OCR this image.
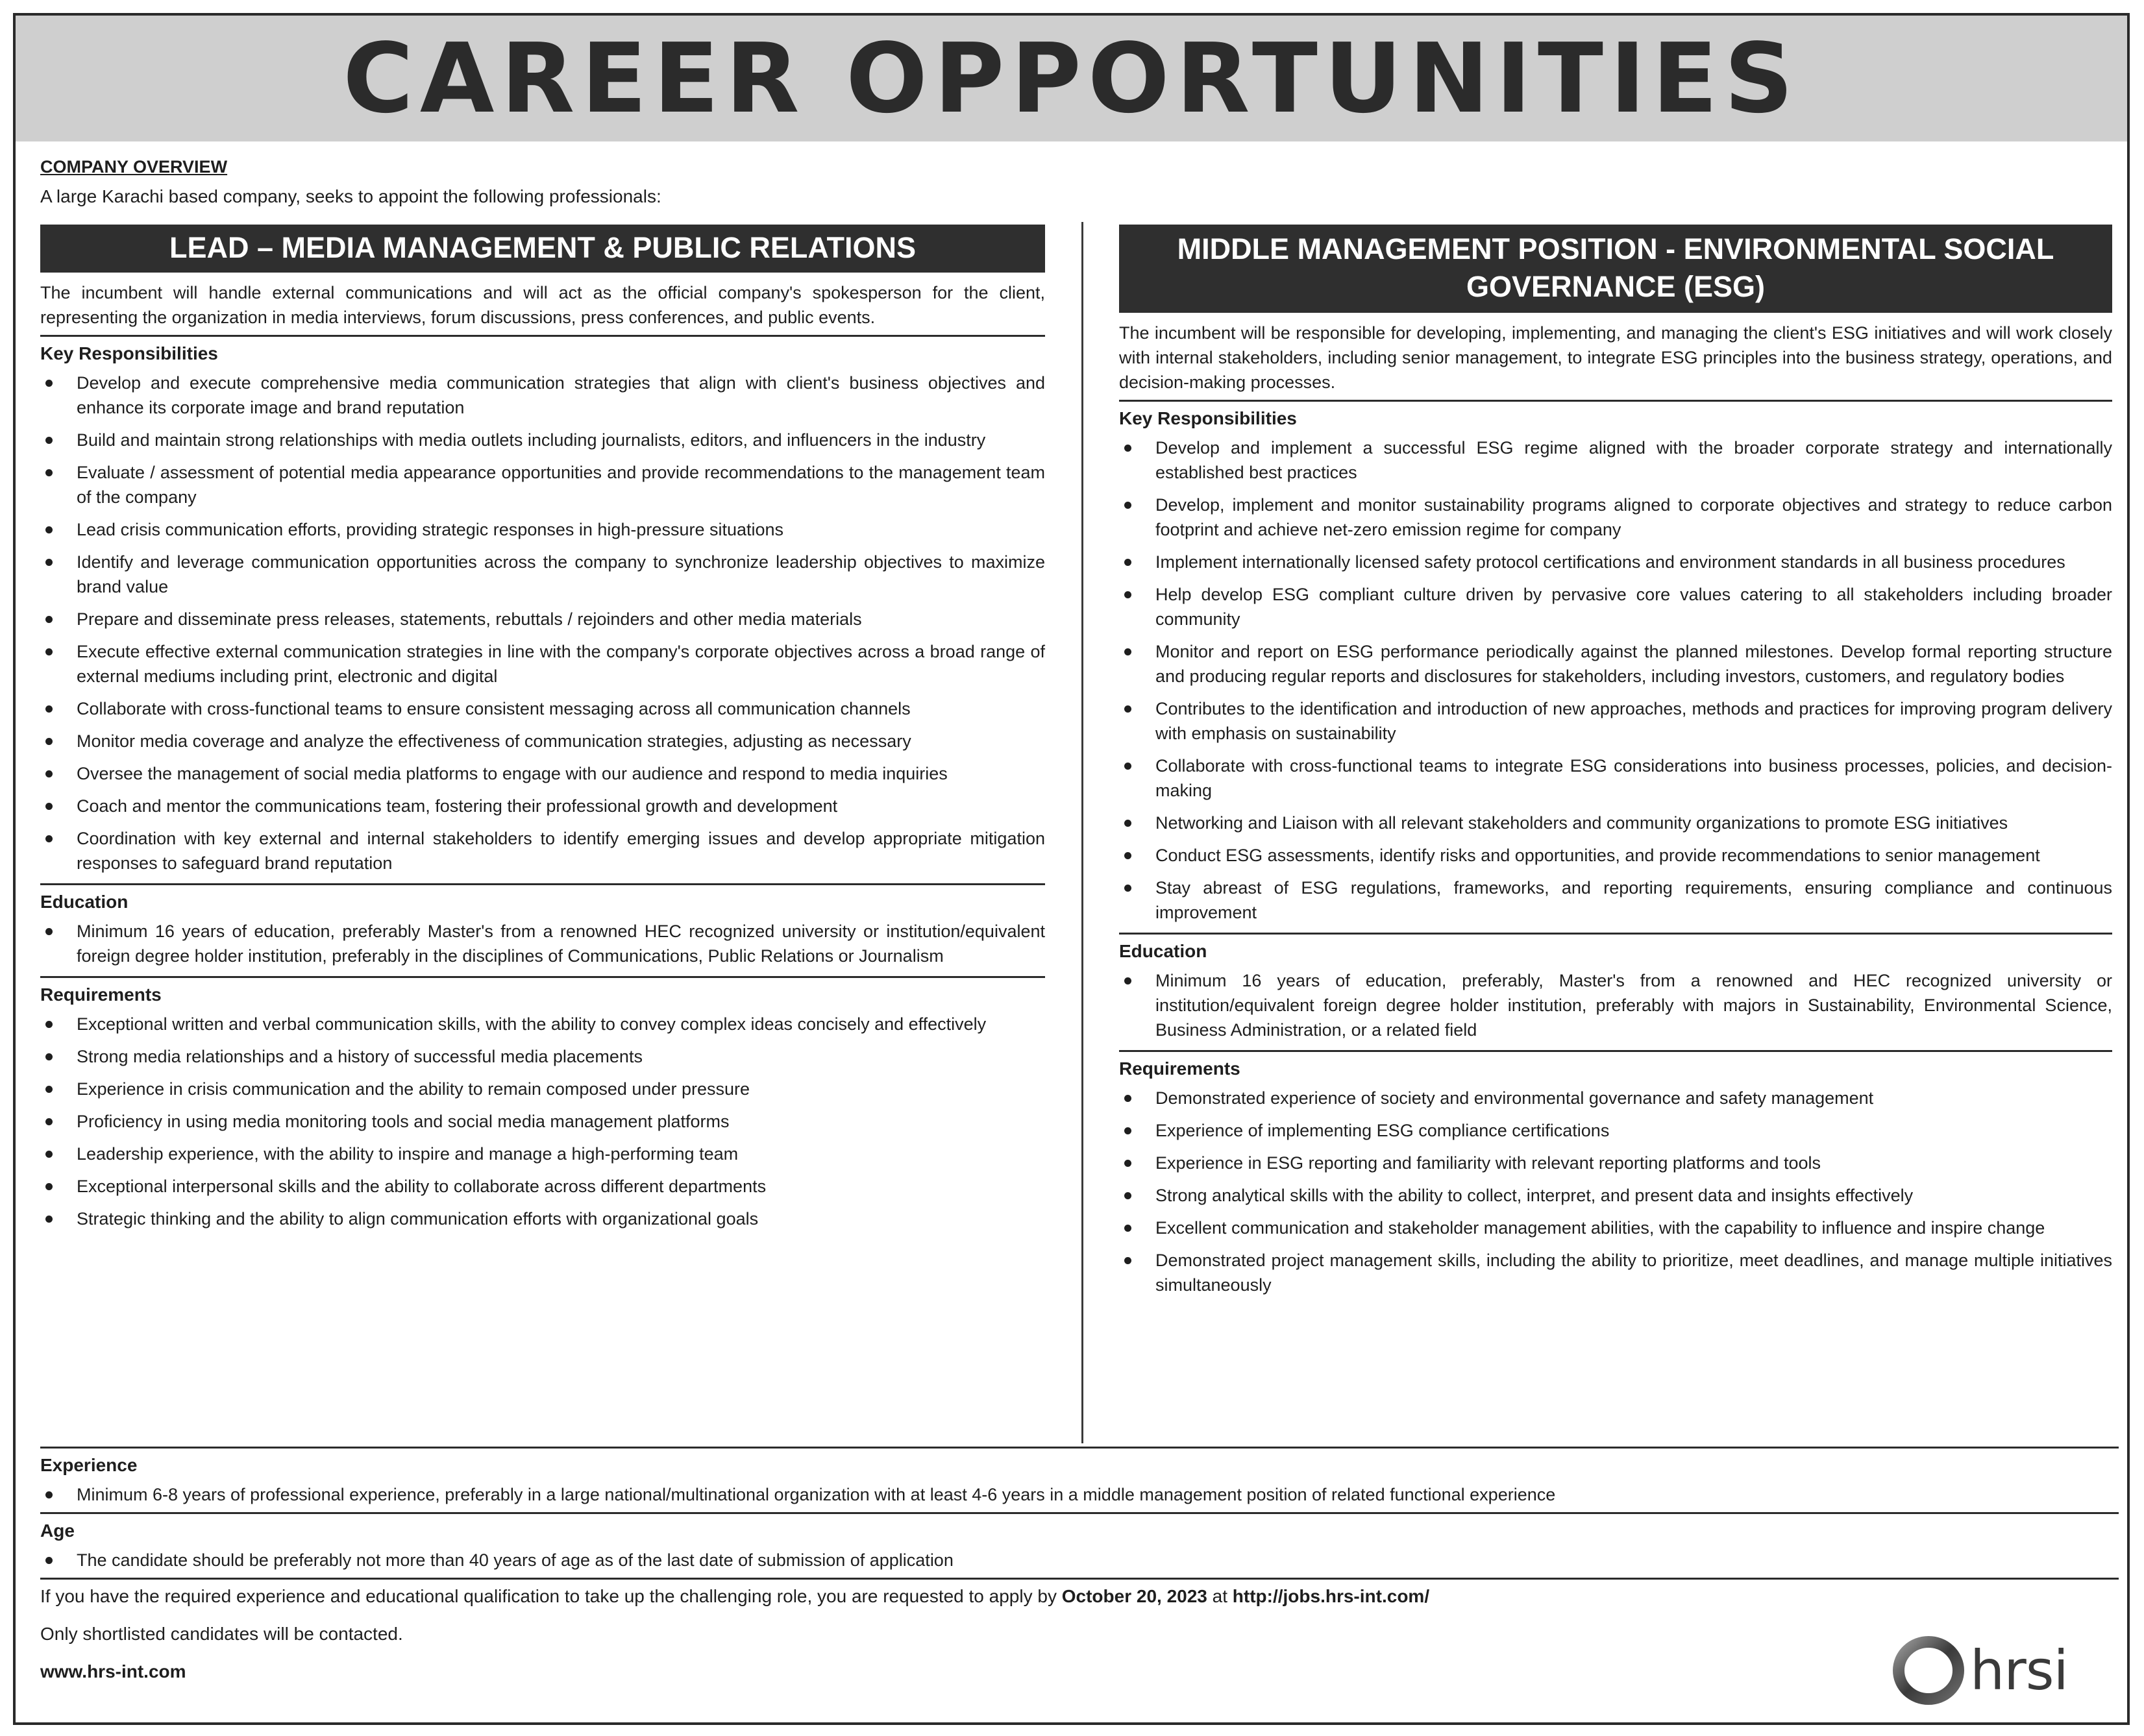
CAREER OPPORTUNITIES
COMPANY OVERVIEW
A large Karachi based company, seeks to appoint the following professionals:
LEAD – MEDIA MANAGEMENT & PUBLIC RELATIONS

The incumbent will handle external communications and will act as the official company's spokesperson for the client, representing the organization in media interviews, forum discussions, press conferences, and public events.

Key Responsibilities
Develop and execute comprehensive media communication strategies that align with client's business objectives and enhance its corporate image and brand reputation
Build and maintain strong relationships with media outlets including journalists, editors, and influencers in the industry
Evaluate / assessment of potential media appearance opportunities and provide recommendations to the management team of the company
Lead crisis communication efforts, providing strategic responses in high-pressure situations
Identify and leverage communication opportunities across the company to synchronize leadership objectives to maximize brand value
Prepare and disseminate press releases, statements, rebuttals / rejoinders and other media materials
Execute effective external communication strategies in line with the company's corporate objectives across a broad range of external mediums including print, electronic and digital
Collaborate with cross-functional teams to ensure consistent messaging across all communication channels
Monitor media coverage and analyze the effectiveness of communication strategies, adjusting as necessary
Oversee the management of social media platforms to engage with our audience and respond to media inquiries
Coach and mentor the communications team, fostering their professional growth and development
Coordination with key external and internal stakeholders to identify emerging issues and develop appropriate mitigation responses to safeguard brand reputation
Education
Minimum 16 years of education, preferably Master's from a renowned HEC recognized university or institution/equivalent foreign degree holder institution, preferably in the disciplines of Communications, Public Relations or Journalism
Requirements
Exceptional written and verbal communication skills, with the ability to convey complex ideas concisely and effectively
Strong media relationships and a history of successful media placements
Experience in crisis communication and the ability to remain composed under pressure
Proficiency in using media monitoring tools and social media management platforms
Leadership experience, with the ability to inspire and manage a high-performing team
Exceptional interpersonal skills and the ability to collaborate across different departments
Strategic thinking and the ability to align communication efforts with organizational goals
MIDDLE MANAGEMENT POSITION - ENVIRONMENTAL SOCIAL GOVERNANCE (ESG)

The incumbent will be responsible for developing, implementing, and managing the client's ESG initiatives and will work closely with internal stakeholders, including senior management, to integrate ESG principles into the business strategy, operations, and decision-making processes.

Key Responsibilities
Develop and implement a successful ESG regime aligned with the broader corporate strategy and internationally established best practices
Develop, implement and monitor sustainability programs aligned to corporate objectives and strategy to reduce carbon footprint and achieve net-zero emission regime for company
Implement internationally licensed safety protocol certifications and environment standards in all business procedures
Help develop ESG compliant culture driven by pervasive core values catering to all stakeholders including broader community
Monitor and report on ESG performance periodically against the planned milestones. Develop formal reporting structure and producing regular reports and disclosures for stakeholders, including investors, customers, and regulatory bodies
Contributes to the identification and introduction of new approaches, methods and practices for improving program delivery with emphasis on sustainability
Collaborate with cross-functional teams to integrate ESG considerations into business processes, policies, and decision-making
Networking and Liaison with all relevant stakeholders and community organizations to promote ESG initiatives
Conduct ESG assessments, identify risks and opportunities, and provide recommendations to senior management
Stay abreast of ESG regulations, frameworks, and reporting requirements, ensuring compliance and continuous improvement
Education
Minimum 16 years of education, preferably, Master's from a renowned and HEC recognized university or institution/equivalent foreign degree holder institution, preferably with majors in Sustainability, Environmental Science, Business Administration, or a related field
Requirements
Demonstrated experience of society and environmental governance and safety management
Experience of implementing ESG compliance certifications
Experience in ESG reporting and familiarity with relevant reporting platforms and tools
Strong analytical skills with the ability to collect, interpret, and present data and insights effectively
Excellent communication and stakeholder management abilities, with the capability to influence and inspire change
Demonstrated project management skills, including the ability to prioritize, meet deadlines, and manage multiple initiatives simultaneously
Experience
Minimum 6-8 years of professional experience, preferably in a large national/multinational organization with at least 4-6 years in a middle management position of related functional experience
Age
The candidate should be preferably not more than 40 years of age as of the last date of submission of application

If you have the required experience and educational qualification to take up the challenging role, you are requested to apply by October 20, 2023 at http://jobs.hrs-int.com/

Only shortlisted candidates will be contacted.

www.hrs-int.com	hrsi
